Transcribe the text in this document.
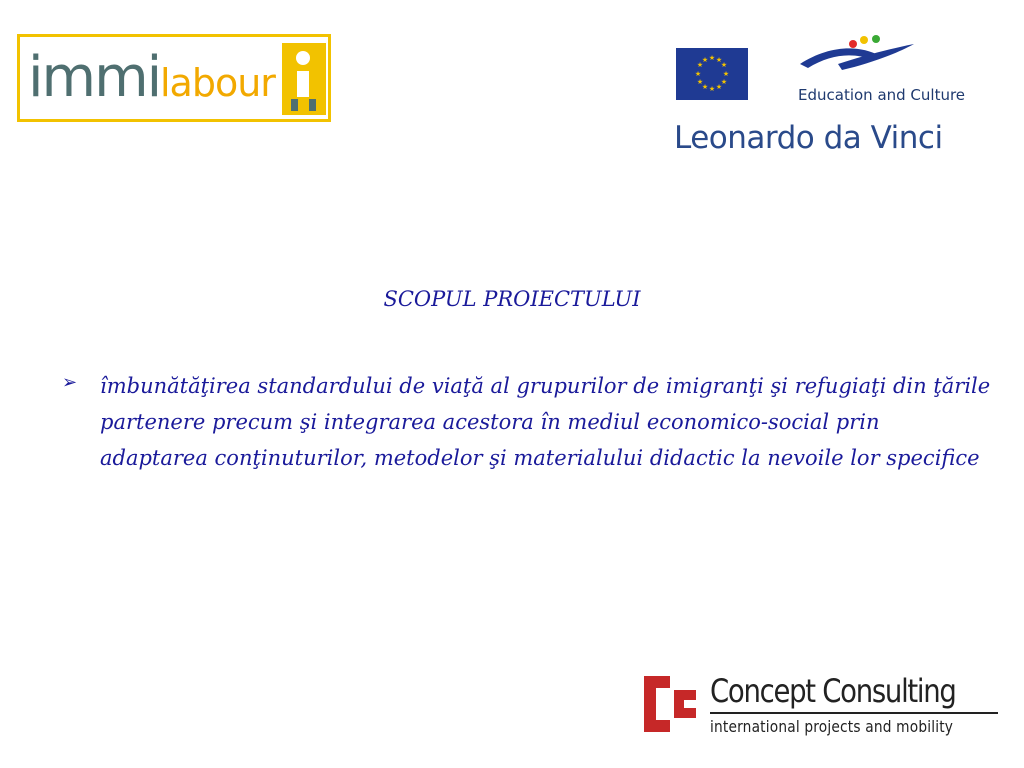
immi labour
★ ★
★
★
★
★
★
★
★
★
★
★
Education and Culture
Leonardo da Vinci
SCOPUL PROIECTULUI
➢ îmbunătăţirea standardului de viaţă al grupurilor de imigranţi şi refugiaţi din ţările partenere precum şi integrarea acestora în mediul economico-social prin adaptarea conţinuturilor, metodelor şi materialului didactic la nevoile lor specifice
Concept Consulting
international projects and mobility
